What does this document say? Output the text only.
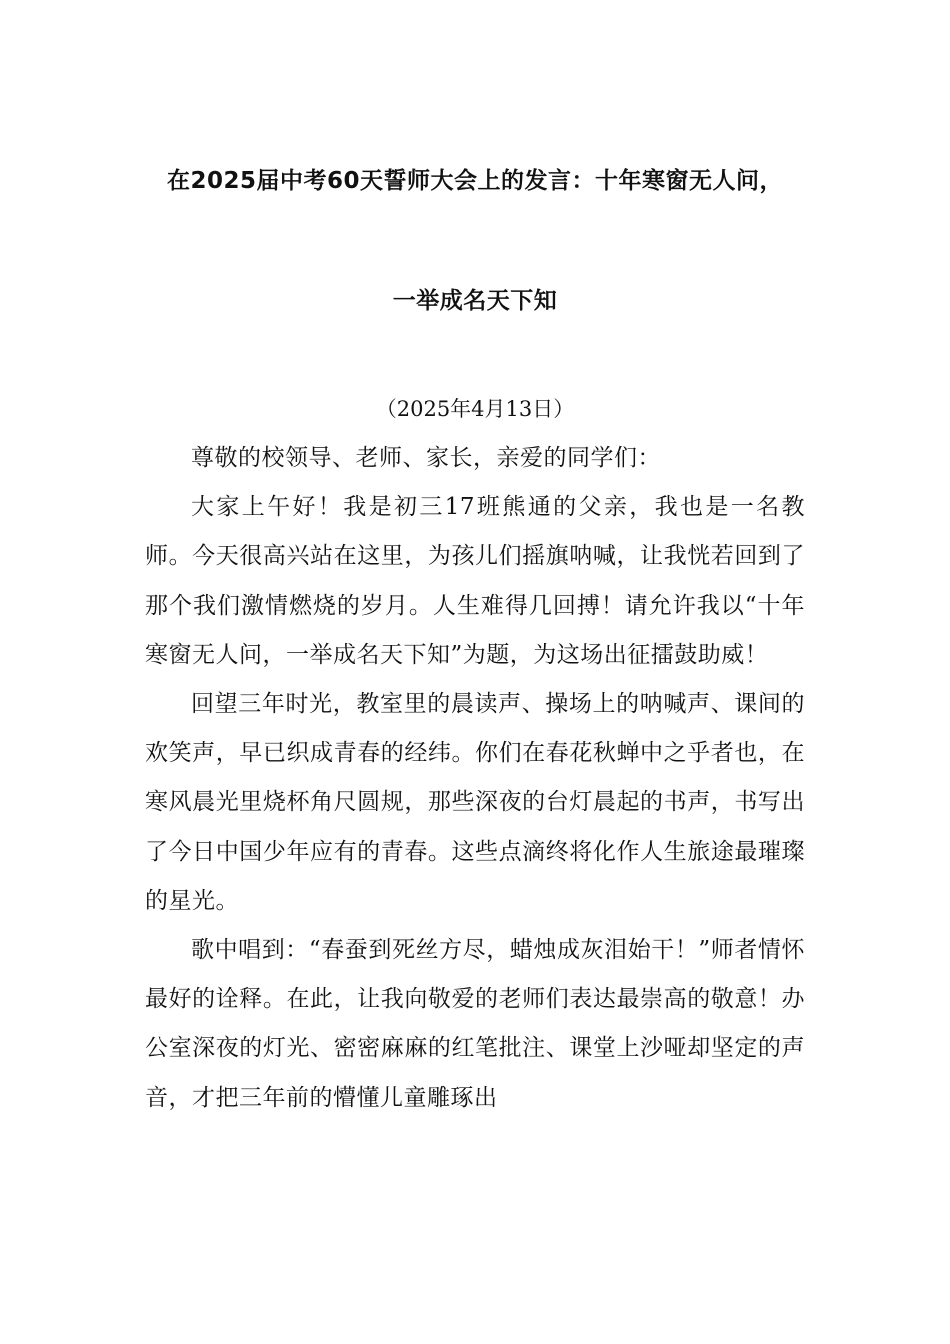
在2025届中考60天誓师大会上的发言：十年寒窗无人问，
一举成名天下知
（2025年4月13日）

尊敬的校领导、老师、家长，亲爱的同学们：

大家上午好！我是初三17班熊通的父亲，我也是一名教师。今天很高兴站在这里，为孩儿们摇旗呐喊，让我恍若回到了那个我们激情燃烧的岁月。人生难得几回搏！请允许我以“十年寒窗无人问，一举成名天下知”为题，为这场出征擂鼓助威！

回望三年时光，教室里的晨读声、操场上的呐喊声、课间的欢笑声，早已织成青春的经纬。你们在春花秋蝉中之乎者也，在寒风晨光里烧杯角尺圆规，那些深夜的台灯晨起的书声，书写出了今日中国少年应有的青春。这些点滴终将化作人生旅途最璀璨的星光。

歌中唱到：“春蚕到死丝方尽，蜡烛成灰泪始干！”师者情怀最好的诠释。在此，让我向敬爱的老师们表达最崇高的敬意！办公室深夜的灯光、密密麻麻的红笔批注、课堂上沙哑却坚定的声音，才把三年前的懵懂儿童雕琢出
